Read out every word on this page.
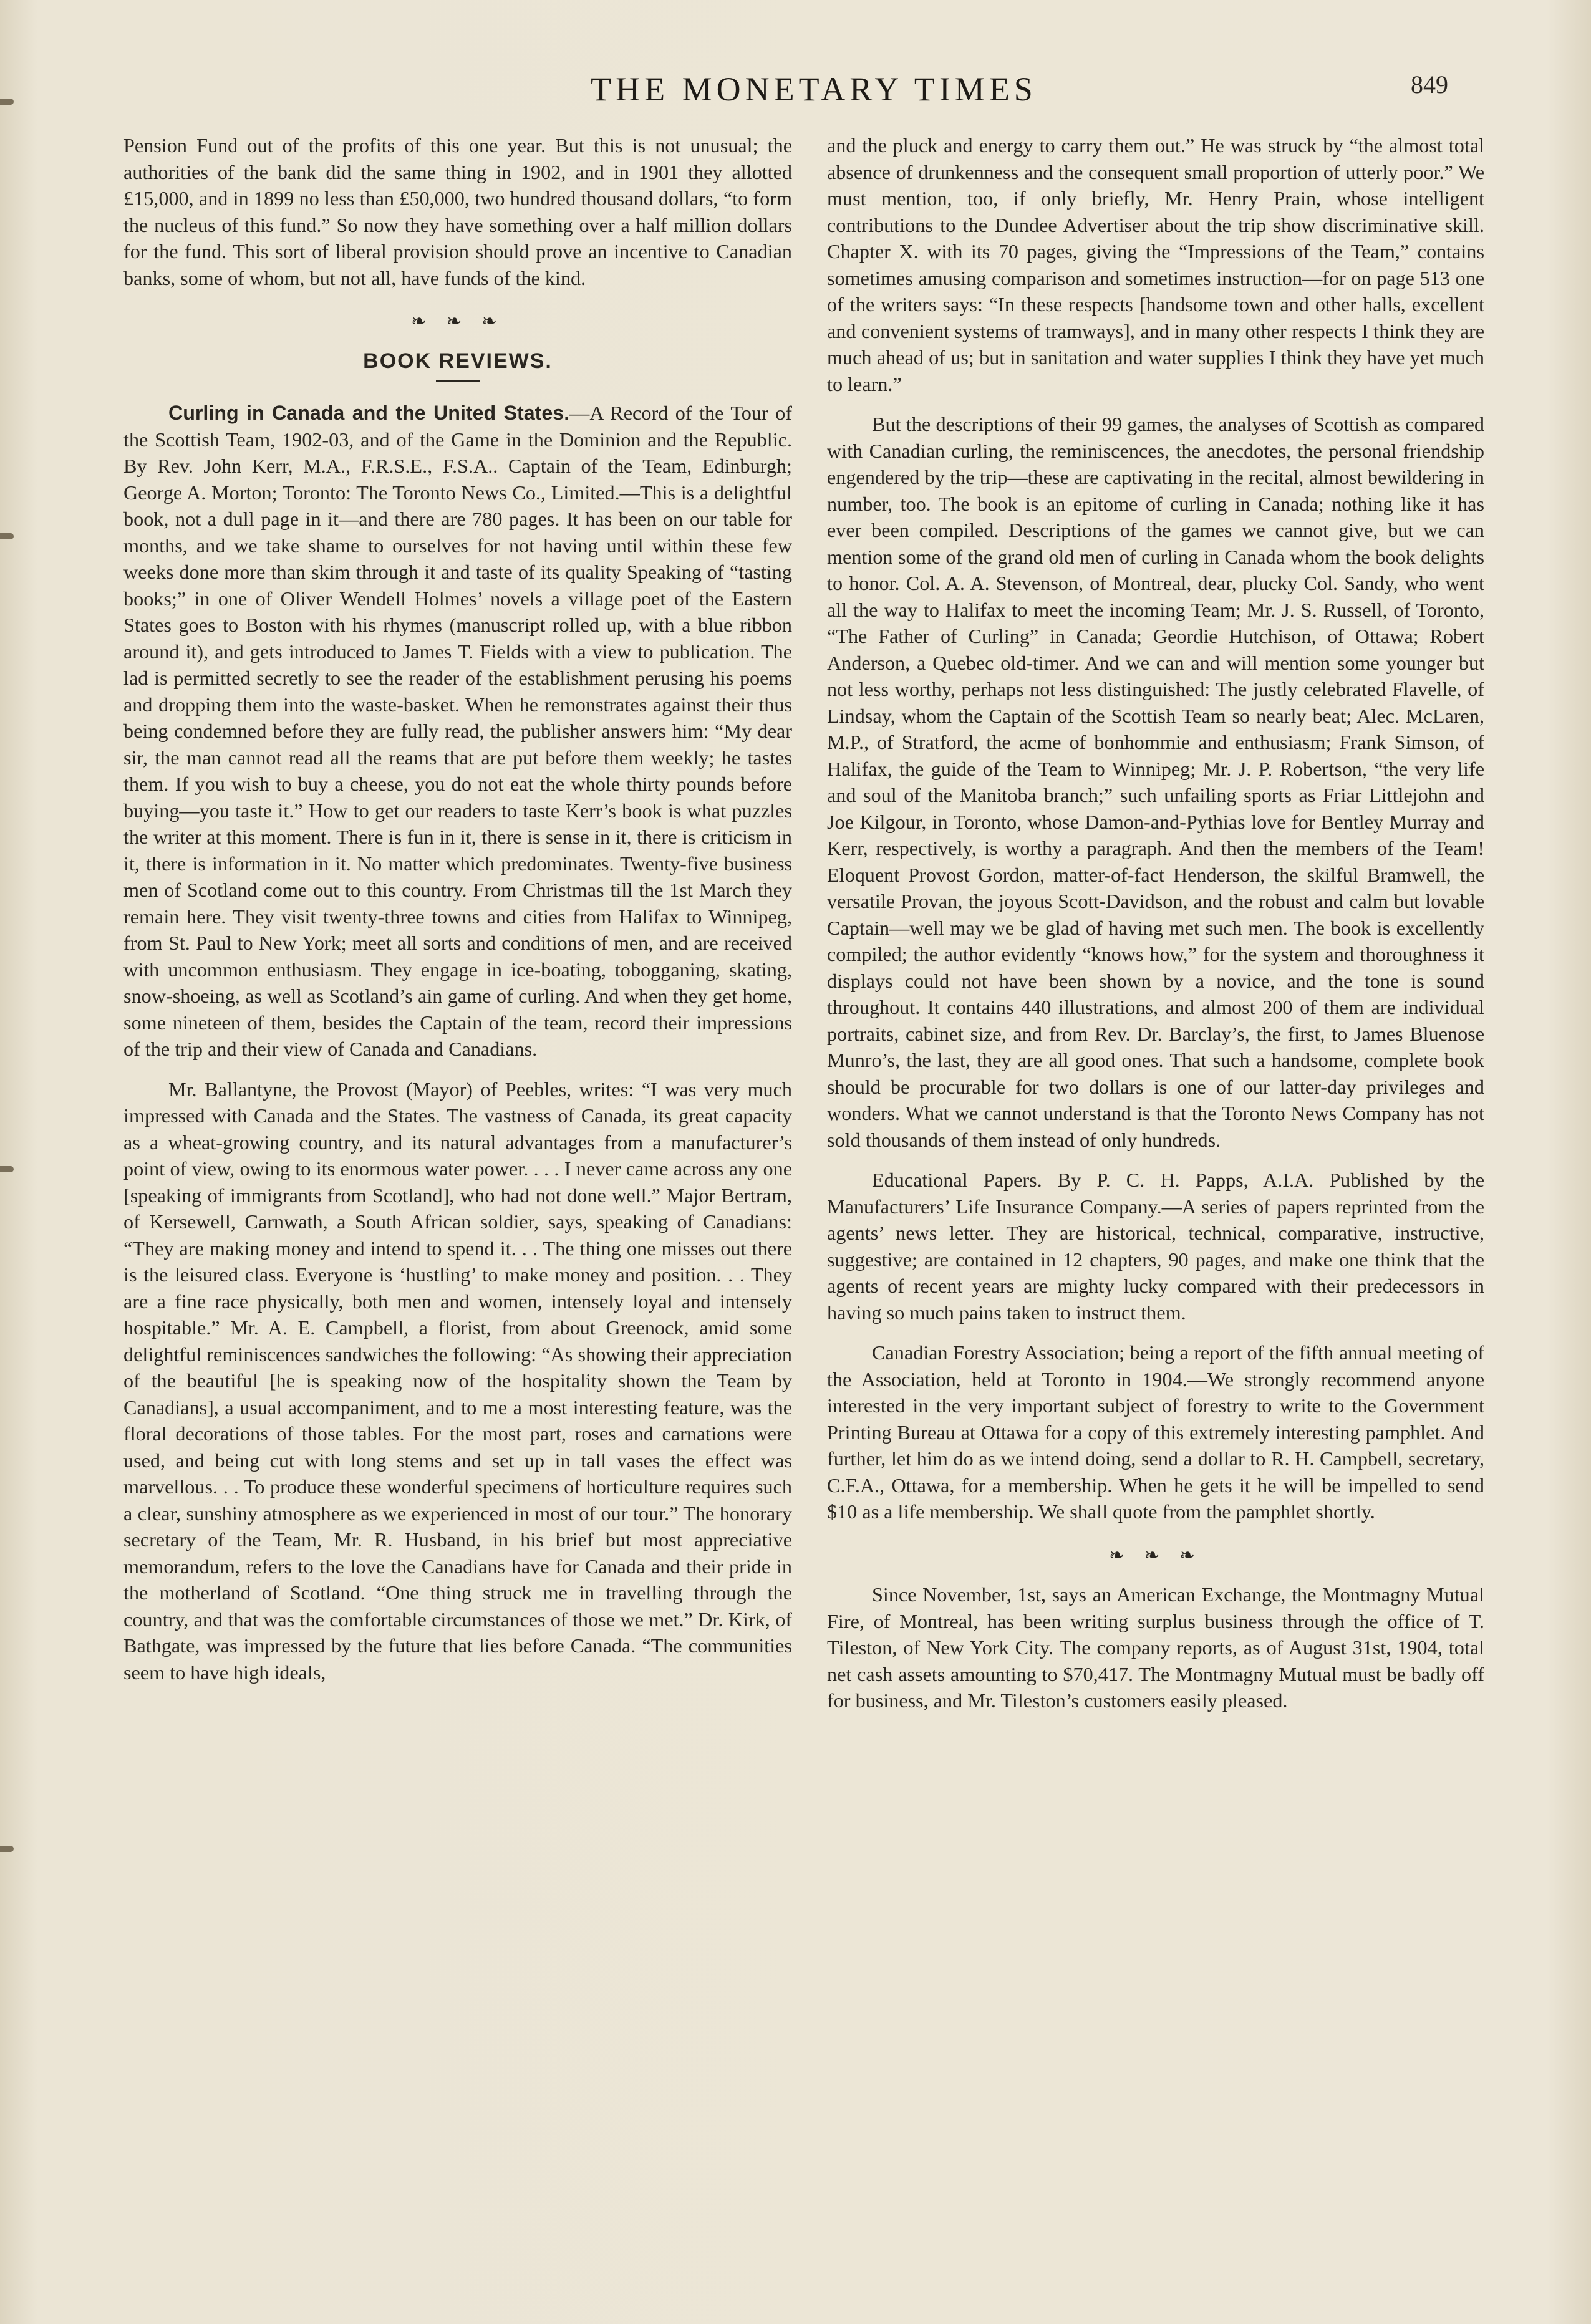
THE MONETARY TIMES	849

Pension Fund out of the profits of this one year. But this is not unusual; the authorities of the bank did the same thing in 1902, and in 1901 they allotted £15,000, and in 1899 no less than £50,000, two hundred thousand dollars, “to form the nucleus of this fund.” So now they have something over a half million dollars for the fund. This sort of liberal provision should prove an incentive to Canadian banks, some of whom, but not all, have funds of the kind.

❧ ❧ ❧
BOOK REVIEWS.

Curling in Canada and the United States.—A Record of the Tour of the Scottish Team, 1902-03, and of the Game in the Dominion and the Republic. By Rev. John Kerr, M.A., F.R.S.E., F.S.A.. Captain of the Team, Edinburgh; George A. Morton; Toronto: The Toronto News Co., Limited.—This is a delightful book, not a dull page in it—and there are 780 pages. It has been on our table for months, and we take shame to ourselves for not having until within these few weeks done more than skim through it and taste of its quality Speaking of “tasting books;” in one of Oliver Wendell Holmes’ novels a village poet of the Eastern States goes to Boston with his rhymes (manuscript rolled up, with a blue ribbon around it), and gets introduced to James T. Fields with a view to publication. The lad is permitted secretly to see the reader of the establishment perusing his poems and dropping them into the waste-basket. When he remonstrates against their thus being condemned before they are fully read, the publisher answers him: “My dear sir, the man cannot read all the reams that are put before them weekly; he tastes them. If you wish to buy a cheese, you do not eat the whole thirty pounds before buying—you taste it.” How to get our readers to taste Kerr’s book is what puzzles the writer at this moment. There is fun in it, there is sense in it, there is criticism in it, there is information in it. No matter which predominates. Twenty-five business men of Scotland come out to this country. From Christmas till the 1st March they remain here. They visit twenty-three towns and cities from Halifax to Winnipeg, from St. Paul to New York; meet all sorts and conditions of men, and are received with uncommon enthusiasm. They engage in ice-boating, tobogganing, skating, snow-shoeing, as well as Scotland’s ain game of curling. And when they get home, some nineteen of them, besides the Captain of the team, record their impressions of the trip and their view of Canada and Canadians.

Mr. Ballantyne, the Provost (Mayor) of Peebles, writes: “I was very much impressed with Canada and the States. The vastness of Canada, its great capacity as a wheat-growing country, and its natural advantages from a manufacturer’s point of view, owing to its enormous water power. . . . I never came across any one [speaking of immigrants from Scotland], who had not done well.” Major Bertram, of Kersewell, Carnwath, a South African soldier, says, speaking of Canadians: “They are making money and intend to spend it. . . The thing one misses out there is the leisured class. Everyone is ‘hustling’ to make money and position. . . They are a fine race physically, both men and women, intensely loyal and intensely hospitable.” Mr. A. E. Campbell, a florist, from about Greenock, amid some delightful reminiscences sandwiches the following: “As showing their appreciation of the beautiful [he is speaking now of the hospitality shown the Team by Canadians], a usual accompaniment, and to me a most interesting feature, was the floral decorations of those tables. For the most part, roses and carnations were used, and being cut with long stems and set up in tall vases the effect was marvellous. . . To produce these wonderful specimens of horticulture requires such a clear, sunshiny atmosphere as we experienced in most of our tour.” The honorary secretary of the Team, Mr. R. Husband, in his brief but most appreciative memorandum, refers to the love the Canadians have for Canada and their pride in the motherland of Scotland. “One thing struck me in travelling through the country, and that was the comfortable circumstances of those we met.” Dr. Kirk, of Bathgate, was impressed by the future that lies before Canada. “The communities seem to have high ideals,

and the pluck and energy to carry them out.” He was struck by “the almost total absence of drunkenness and the consequent small proportion of utterly poor.” We must mention, too, if only briefly, Mr. Henry Prain, whose intelligent contributions to the Dundee Advertiser about the trip show discriminative skill. Chapter X. with its 70 pages, giving the “Impressions of the Team,” contains sometimes amusing comparison and sometimes instruction—for on page 513 one of the writers says: “In these respects [handsome town and other halls, excellent and convenient systems of tramways], and in many other respects I think they are much ahead of us; but in sanitation and water supplies I think they have yet much to learn.”

But the descriptions of their 99 games, the analyses of Scottish as compared with Canadian curling, the reminiscences, the anecdotes, the personal friendship engendered by the trip—these are captivating in the recital, almost bewildering in number, too. The book is an epitome of curling in Canada; nothing like it has ever been compiled. Descriptions of the games we cannot give, but we can mention some of the grand old men of curling in Canada whom the book delights to honor. Col. A. A. Stevenson, of Montreal, dear, plucky Col. Sandy, who went all the way to Halifax to meet the incoming Team; Mr. J. S. Russell, of Toronto, “The Father of Curling” in Canada; Geordie Hutchison, of Ottawa; Robert Anderson, a Quebec old-timer. And we can and will mention some younger but not less worthy, perhaps not less distinguished: The justly celebrated Flavelle, of Lindsay, whom the Captain of the Scottish Team so nearly beat; Alec. McLaren, M.P., of Stratford, the acme of bonhommie and enthusiasm; Frank Simson, of Halifax, the guide of the Team to Winnipeg; Mr. J. P. Robertson, “the very life and soul of the Manitoba branch;” such unfailing sports as Friar Littlejohn and Joe Kilgour, in Toronto, whose Damon-and-Pythias love for Bentley Murray and Kerr, respectively, is worthy a paragraph. And then the members of the Team! Eloquent Provost Gordon, matter-of-fact Henderson, the skilful Bramwell, the versatile Provan, the joyous Scott-Davidson, and the robust and calm but lovable Captain—well may we be glad of having met such men. The book is excellently compiled; the author evidently “knows how,” for the system and thoroughness it displays could not have been shown by a novice, and the tone is sound throughout. It contains 440 illustrations, and almost 200 of them are individual portraits, cabinet size, and from Rev. Dr. Barclay’s, the first, to James Bluenose Munro’s, the last, they are all good ones. That such a handsome, complete book should be procurable for two dollars is one of our latter-day privileges and wonders. What we cannot understand is that the Toronto News Company has not sold thousands of them instead of only hundreds.

Educational Papers. By P. C. H. Papps, A.I.A. Published by the Manufacturers’ Life Insurance Company.—A series of papers reprinted from the agents’ news letter. They are historical, technical, comparative, instructive, suggestive; are contained in 12 chapters, 90 pages, and make one think that the agents of recent years are mighty lucky compared with their predecessors in having so much pains taken to instruct them.

Canadian Forestry Association; being a report of the fifth annual meeting of the Association, held at Toronto in 1904.—We strongly recommend anyone interested in the very important subject of forestry to write to the Government Printing Bureau at Ottawa for a copy of this extremely interesting pamphlet. And further, let him do as we intend doing, send a dollar to R. H. Campbell, secretary, C.F.A., Ottawa, for a membership. When he gets it he will be impelled to send $10 as a life membership. We shall quote from the pamphlet shortly.

❧ ❧ ❧

Since November, 1st, says an American Exchange, the Montmagny Mutual Fire, of Montreal, has been writing surplus business through the office of T. Tileston, of New York City. The company reports, as of August 31st, 1904, total net cash assets amounting to $70,417. The Montmagny Mutual must be badly off for business, and Mr. Tileston’s customers easily pleased.
